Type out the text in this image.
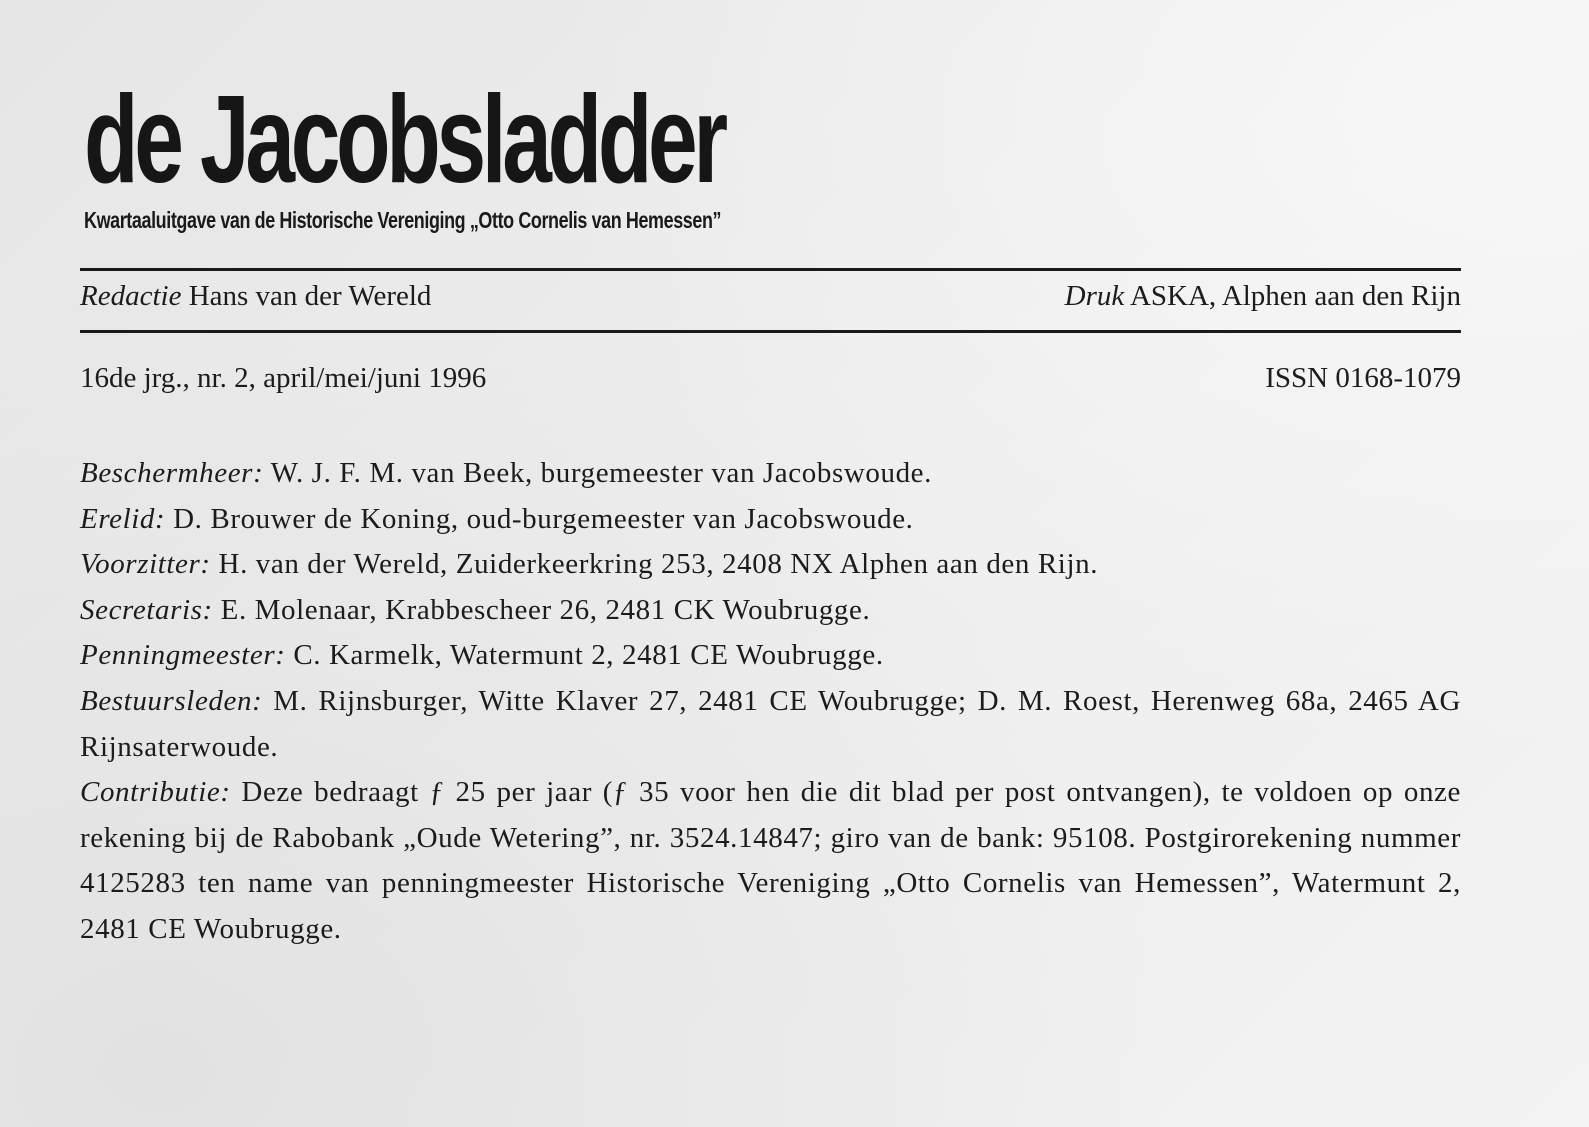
de Jacobsladder
Kwartaaluitgave van de Historische Vereniging „Otto Cornelis van Hemessen”
Redactie Hans van der Wereld	Druk ASKA, Alphen aan den Rijn
16de jrg., nr. 2, april/mei/juni 1996	ISSN 0168-1079

Beschermheer: W. J. F. M. van Beek, burgemeester van Jacobswoude.

Erelid: D. Brouwer de Koning, oud-burgemeester van Jacobswoude.

Voorzitter: H. van der Wereld, Zuiderkeerkring 253, 2408 NX Alphen aan den Rijn.

Secretaris: E. Molenaar, Krabbescheer 26, 2481 CK Woubrugge.

Penningmeester: C. Karmelk, Watermunt 2, 2481 CE Woubrugge.

Bestuursleden: M. Rijnsburger, Witte Klaver 27, 2481 CE Woubrugge; D. M. Roest, Herenweg 68a, 2465 AG Rijnsaterwoude.

Contributie: Deze bedraagt ƒ 25 per jaar (ƒ 35 voor hen die dit blad per post ontvangen), te voldoen op onze rekening bij de Rabobank „Oude Wetering”, nr. 3524.14847; giro van de bank: 95108. Postgirorekening nummer 4125283 ten name van penningmeester Historische Vereniging „Otto Cornelis van Hemessen”, Watermunt 2, 2481 CE Woubrugge.
